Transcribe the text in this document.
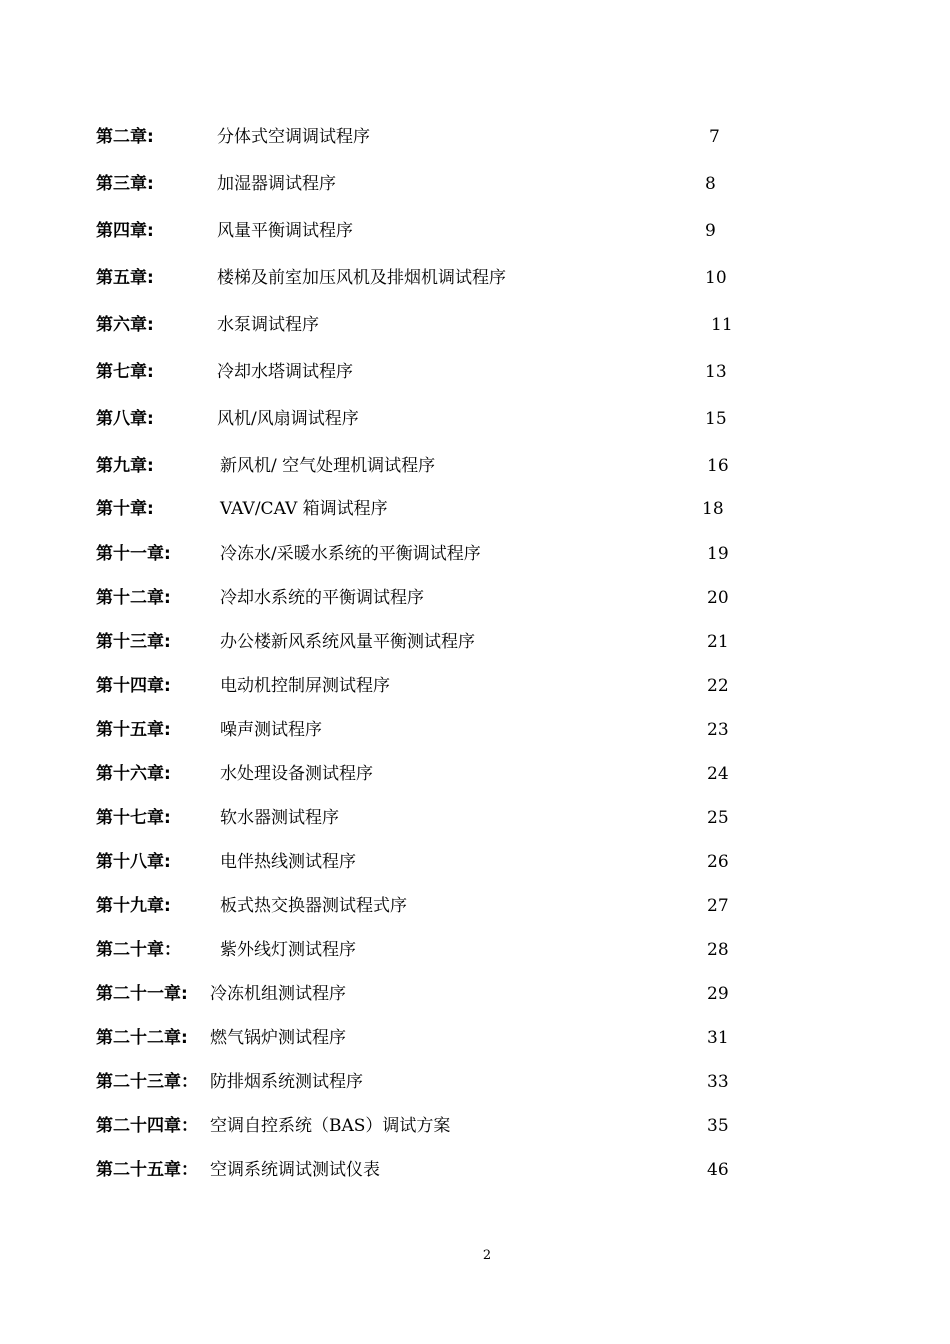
第二章:	分体式空调调试程序	7
第三章:	加湿器调试程序	8
第四章:	风量平衡调试程序	9
第五章:	楼梯及前室加压风机及排烟机调试程序	10
第六章:	水泵调试程序	11
第七章:	冷却水塔调试程序	13
第八章:	风机/风扇调试程序	15
第九章:	新风机/ 空气处理机调试程序	16
第十章:	VAV/CAV 箱调试程序	18
第十一章:	冷冻水/采暖水系统的平衡调试程序	19
第十二章:	冷却水系统的平衡调试程序	20
第十三章:	办公楼新风系统风量平衡测试程序	21
第十四章:	电动机控制屏测试程序	22
第十五章:	噪声测试程序	23
第十六章:	水处理设备测试程序	24
第十七章:	软水器测试程序	25
第十八章:	电伴热线测试程序	26
第十九章:	板式热交换器测试程式序	27
第二十章： 紫外线灯测试程序	28
第二十一章: 冷冻机组测试程序	29
第二十二章: 燃气锅炉测试程序	31
第二十三章： 防排烟系统测试程序	33
第二十四章： 空调自控系统（BAS）调试方案	35
第二十五章： 空调系统调试测试仪表	46
2
